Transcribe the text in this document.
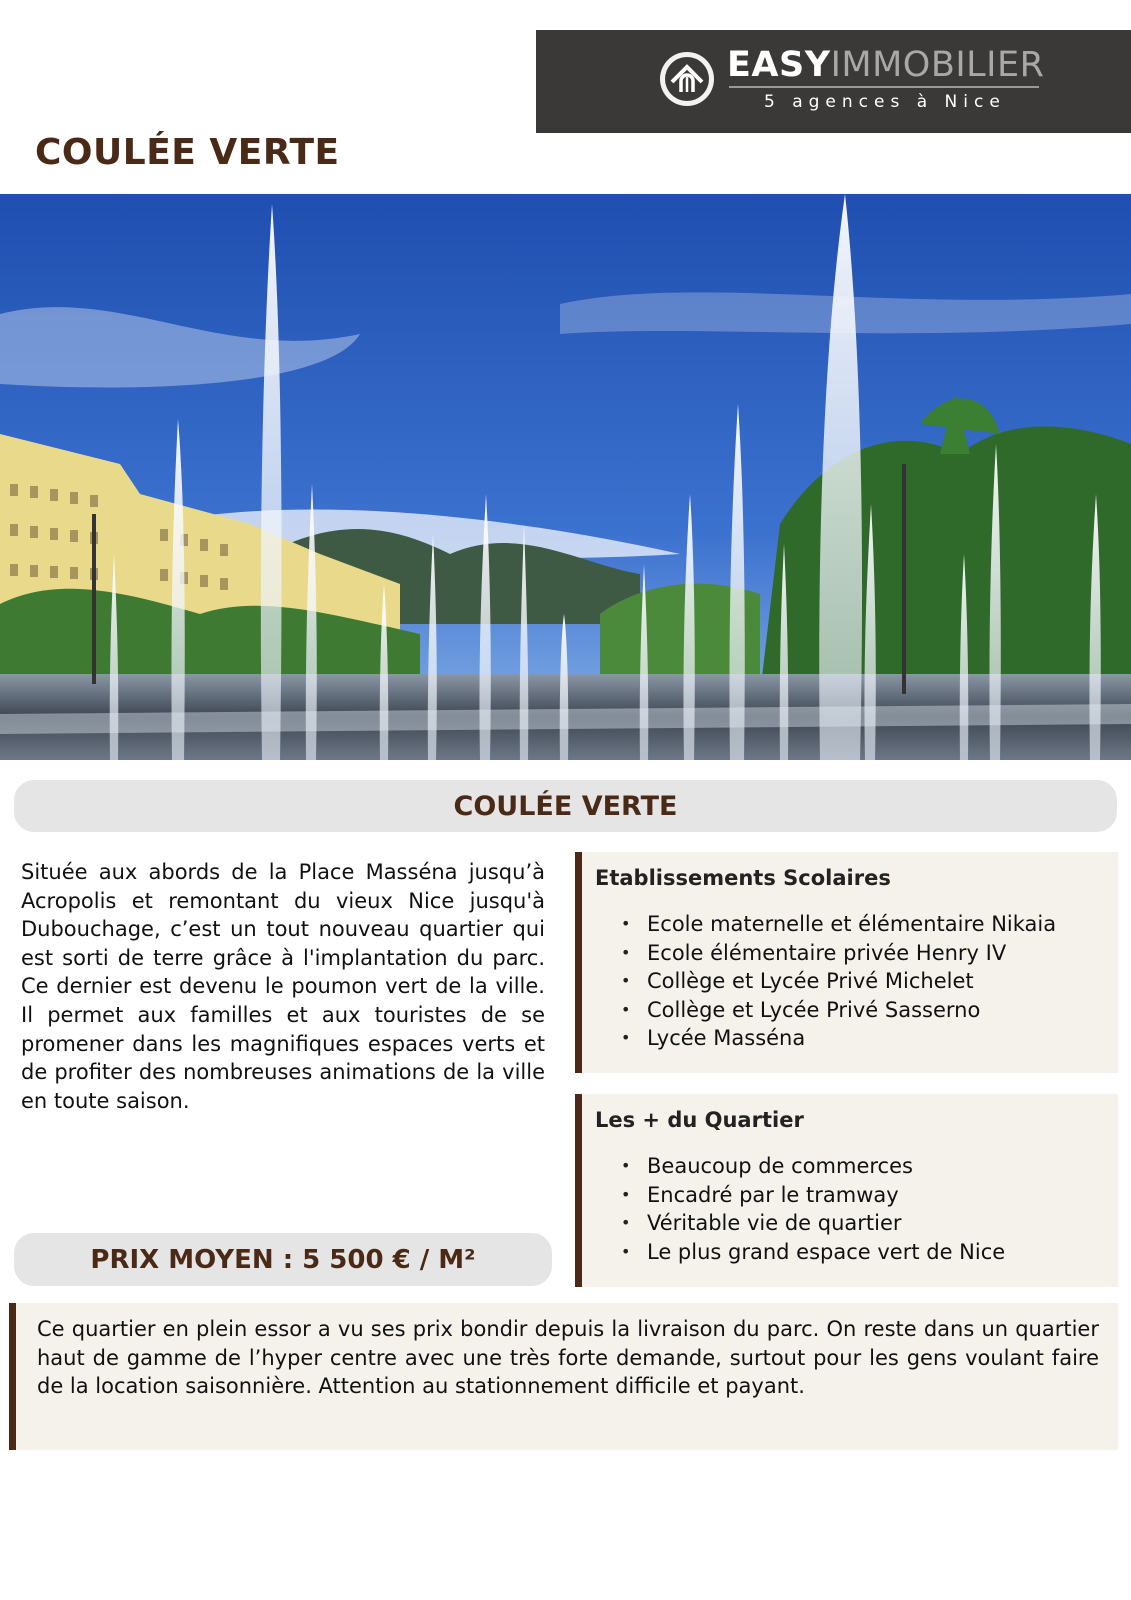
EASYIMMOBILIER
5 agences à Nice
COULÉE VERTE
COULÉE VERTE

Située aux abords de la Place Masséna jusqu’à Acropolis et remontant du vieux Nice jusqu'à Dubouchage, c’est un tout nouveau quartier qui est sorti de terre grâce à l'implantation du parc. Ce dernier est devenu le poumon vert de la ville. Il permet aux familles et aux touristes de se promener dans les magnifiques espaces verts et de profiter des nombreuses animations de la ville en toute saison.

Etablissements Scolaires
• Ecole maternelle et élémentaire Nikaia
• Ecole élémentaire privée Henry IV
• Collège et Lycée Privé Michelet
• Collège et Lycée Privé Sasserno
• Lycée Masséna
Les + du Quartier
• Beaucoup de commerces
• Encadré par le tramway
• Véritable vie de quartier
• Le plus grand espace vert de Nice
PRIX MOYEN : 5 500 € / M²

Ce quartier en plein essor a vu ses prix bondir depuis la livraison du parc. On reste dans un quartier haut de gamme de l’hyper centre avec une très forte demande, surtout pour les gens voulant faire de la location saisonnière. Attention au stationnement difficile et payant.
